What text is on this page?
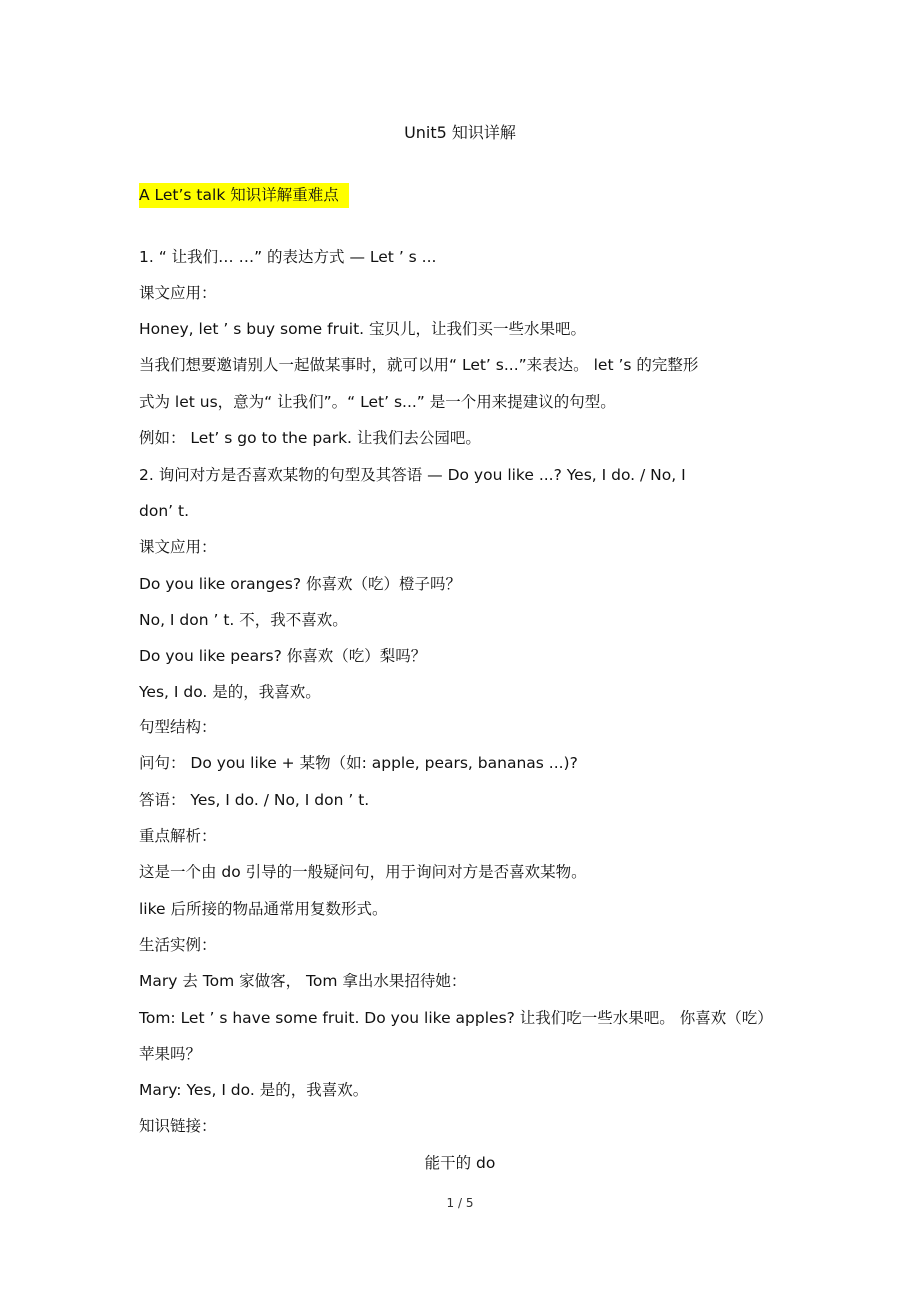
Unit5 知识详解
A Let’s talk 知识详解重难点
1. “ 让我们… …” 的表达方式 — Let ’ s ...
课文应用：
Honey, let ’ s buy some fruit. 宝贝儿，让我们买一些水果吧。
当我们想要邀请别人一起做某事时，就可以用“ Let’ s...”来表达。 let ’s 的完整形
式为 let us，意为“ 让我们”。“ Let’ s...” 是一个用来提建议的句型。
例如： Let’ s go to the park. 让我们去公园吧。
2. 询问对方是否喜欢某物的句型及其答语 — Do you like ...? Yes, I do. / No, I
don’ t.
课文应用：
Do you like oranges? 你喜欢（吃）橙子吗？
No, I don ’ t. 不，我不喜欢。
Do you like pears? 你喜欢（吃）梨吗？
Yes, I do. 是的，我喜欢。
句型结构：
问句： Do you like + 某物（如: apple, pears, bananas ...)?
答语： Yes, I do. / No, I don ’ t.
重点解析：
这是一个由 do 引导的一般疑问句，用于询问对方是否喜欢某物。
like 后所接的物品通常用复数形式。
生活实例：
Mary 去 Tom 家做客， Tom 拿出水果招待她：
Tom: Let ’ s have some fruit. Do you like apples? 让我们吃一些水果吧。 你喜欢（吃）
苹果吗？
Mary: Yes, I do. 是的，我喜欢。
知识链接：
能干的 do
1 / 5
